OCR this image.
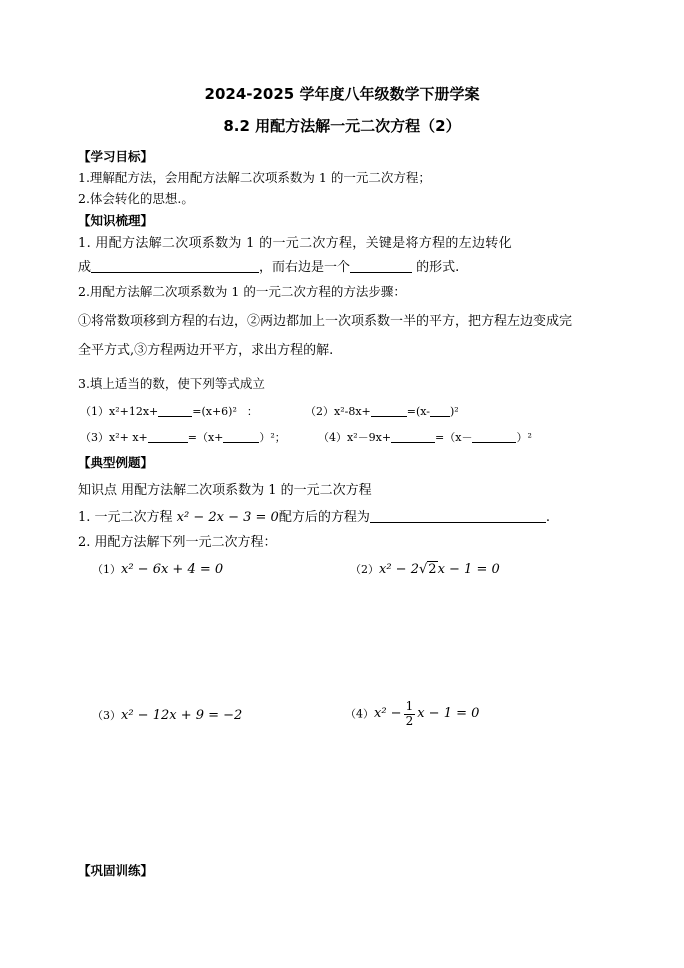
2024-2025 学年度八年级数学下册学案
8.2 用配方法解一元二次方程（2）
【学习目标】
1.理解配方法，会用配方法解二次项系数为 1 的一元二次方程；
2.体会转化的思想.。
【知识梳理】
1. 用配方法解二次项系数为 1 的一元二次方程，关键是将方程的左边转化
成	，而右边是一个	的形式.
2.用配方法解二次项系数为 1 的一元二次方程的方法步骤：
①将常数项移到方程的右边，②两边都加上一次项系数一半的平方，把方程左边变成完
全平方式,③方程两边开平方，求出方程的解.
3.填上适当的数，使下列等式成立
（1）x²+12x+	=(x+6)² ：	（2）x²-8x+	=(x- )²
（3）x²+ x+	=（x+	）²；	（4）x²－9x+	=（x－	）²
【典型例题】
知识点 用配方法解二次项系数为 1 的一元二次方程
1. 一元二次方程 x² − 2x − 3 = 0配方后的方程为	.
2. 用配方法解下列一元二次方程：
（1）x² − 6x + 4 = 0	（2）x² − 2√2x − 1 = 0
（3）x² − 12x + 9 = −2	$(4)x^2 - \frac{1}{2}$ x − 1 = 0
【巩固训练】
